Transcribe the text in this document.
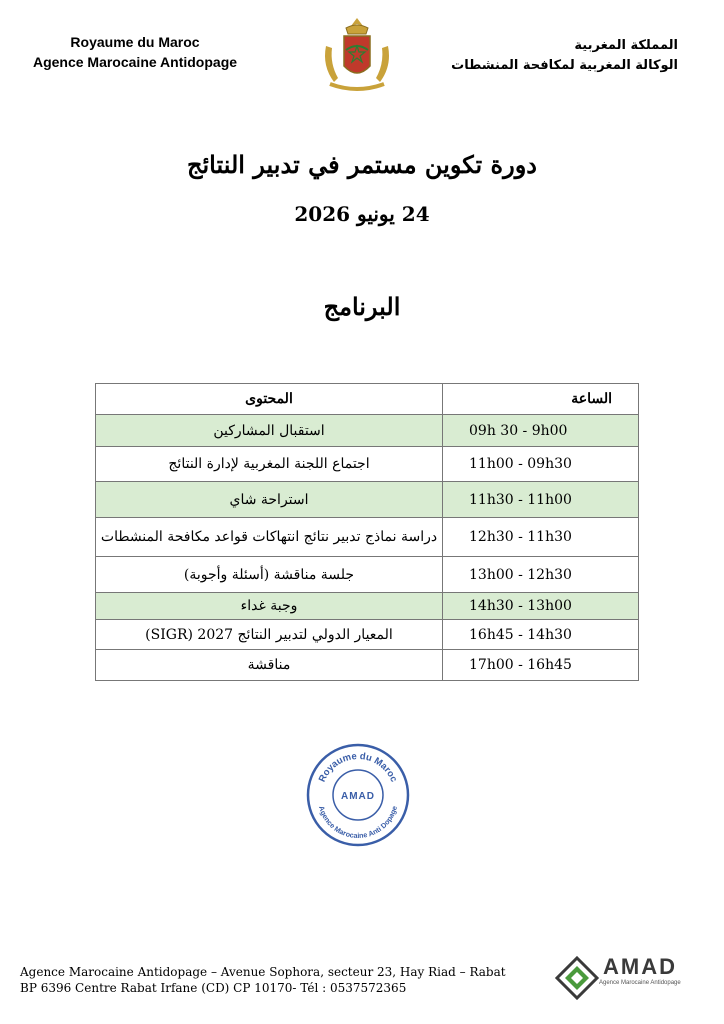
Royaume du Maroc
Agence Marocaine Antidopage
المملكة المغربية
الوكالة المغربية لمكافحة المنشطات
دورة تكوين مستمر في تدبير النتائج
24 يونيو 2026
البرنامج
الساعة	المحتوى
09h 30 - 9h00	استقبال المشاركين
11h00 - 09h30	اجتماع اللجنة المغربية لإدارة النتائج
11h30 - 11h00	استراحة شاي
12h30 - 11h30	دراسة نماذج تدبير نتائج انتهاكات قواعد مكافحة المنشطات
13h00 - 12h30	جلسة مناقشة (أسئلة وأجوبة)
14h30 - 13h00	وجبة غداء
16h45 - 14h30	المعيار الدولي لتدبير النتائج 2027 (SIGR)
17h00 - 16h45	مناقشة
Royaume du Maroc
Agence Marocaine Anti Dopage
AMAD
Agence Marocaine Antidopage – Avenue Sophora, secteur 23, Hay Riad – Rabat
BP 6396 Centre Rabat Irfane (CD) CP 10170- Tél : 0537572365
AMAD
Agence Marocaine Antidopage
